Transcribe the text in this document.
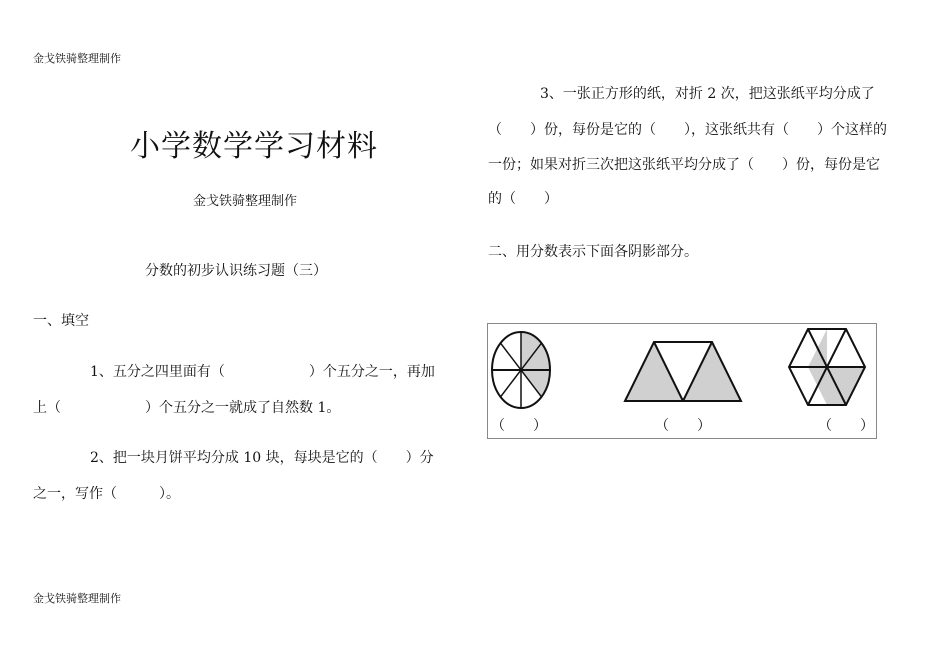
金戈铁骑整理制作
小学数学学习材料
金戈铁骑整理制作
分数的初步认识练习题（三）
一、填空
1、五分之四里面有（　　　　　　）个五分之一，再加
上（　　　　　　）个五分之一就成了自然数 1。
2、把一块月饼平均分成 10 块，每块是它的（　　）分
之一，写作（　　　）。
3、一张正方形的纸，对折 2 次，把这张纸平均分成了
（　　）份，每份是它的（　　），这张纸共有（　　）个这样的
一份；如果对折三次把这张纸平均分成了（　　）份，每份是它
的（　　）
二、用分数表示下面各阴影部分。
（　　）	（　　）	（　　）
金戈铁骑整理制作
